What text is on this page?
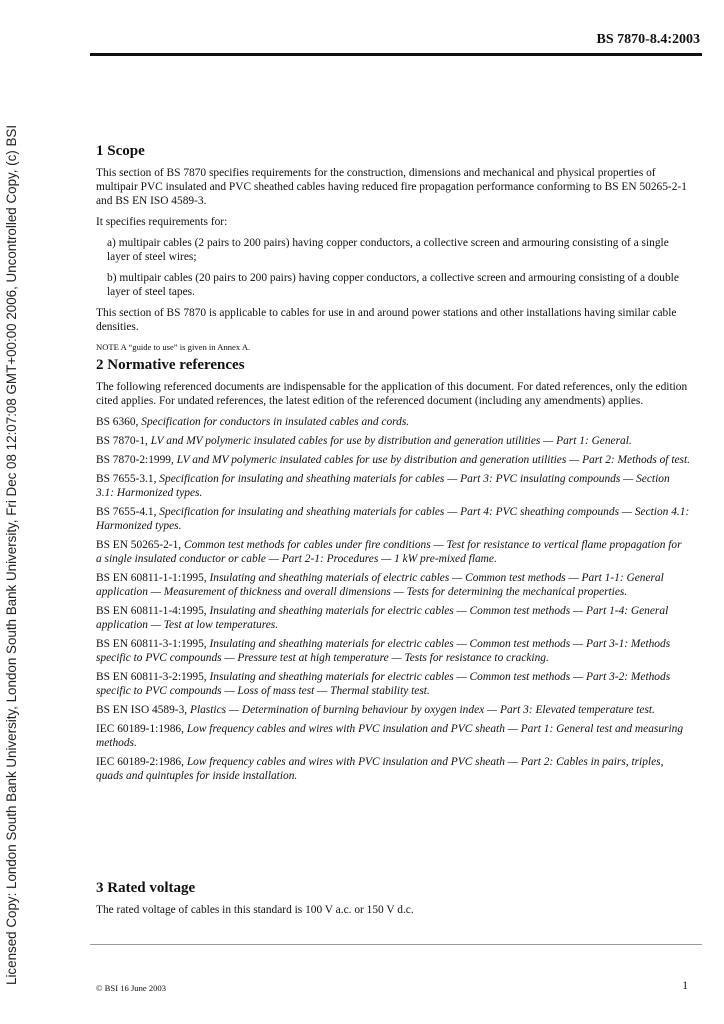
Licensed Copy: London South Bank University, London South Bank University, Fri Dec 08 12:07:08 GMT+00:00 2006, Uncontrolled Copy, (c) BSI
BS 7870-8.4:2003
1 Scope

This section of BS 7870 specifies requirements for the construction, dimensions and mechanical and physical properties of multipair PVC insulated and PVC sheathed cables having reduced fire propagation performance conforming to BS EN 50265-2-1 and BS EN ISO 4589-3.

It specifies requirements for:

a) multipair cables (2 pairs to 200 pairs) having copper conductors, a collective screen and armouring consisting of a single layer of steel wires;

b) multipair cables (20 pairs to 200 pairs) having copper conductors, a collective screen and armouring consisting of a double layer of steel tapes.

This section of BS 7870 is applicable to cables for use in and around power stations and other installations having similar cable densities.

NOTE A “guide to use” is given in Annex A.

2 Normative references

The following referenced documents are indispensable for the application of this document. For dated references, only the edition cited applies. For undated references, the latest edition of the referenced document (including any amendments) applies.

BS 6360, Specification for conductors in insulated cables and cords.

BS 7870-1, LV and MV polymeric insulated cables for use by distribution and generation utilities — Part 1: General.

BS 7870-2:1999, LV and MV polymeric insulated cables for use by distribution and generation utilities — Part 2: Methods of test.

BS 7655-3.1, Specification for insulating and sheathing materials for cables — Part 3: PVC insulating compounds — Section 3.1: Harmonized types.

BS 7655-4.1, Specification for insulating and sheathing materials for cables — Part 4: PVC sheathing compounds — Section 4.1: Harmonized types.

BS EN 50265-2-1, Common test methods for cables under fire conditions — Test for resistance to vertical flame propagation for a single insulated conductor or cable — Part 2-1: Procedures — 1 kW pre-mixed flame.

BS EN 60811-1-1:1995, Insulating and sheathing materials of electric cables — Common test methods — Part 1-1: General application — Measurement of thickness and overall dimensions — Tests for determining the mechanical properties.

BS EN 60811-1-4:1995, Insulating and sheathing materials for electric cables — Common test methods — Part 1-4: General application — Test at low temperatures.

BS EN 60811-3-1:1995, Insulating and sheathing materials for electric cables — Common test methods — Part 3-1: Methods specific to PVC compounds — Pressure test at high temperature — Tests for resistance to cracking.

BS EN 60811-3-2:1995, Insulating and sheathing materials for electric cables — Common test methods — Part 3-2: Methods specific to PVC compounds — Loss of mass test — Thermal stability test.

BS EN ISO 4589-3, Plastics — Determination of burning behaviour by oxygen index — Part 3: Elevated temperature test.

IEC 60189-1:1986, Low frequency cables and wires with PVC insulation and PVC sheath — Part 1: General test and measuring methods.

IEC 60189-2:1986, Low frequency cables and wires with PVC insulation and PVC sheath — Part 2: Cables in pairs, triples, quads and quintuples for inside installation.

3 Rated voltage

The rated voltage of cables in this standard is 100 V a.c. or 150 V d.c.

© BSI 16 June 2003	1
